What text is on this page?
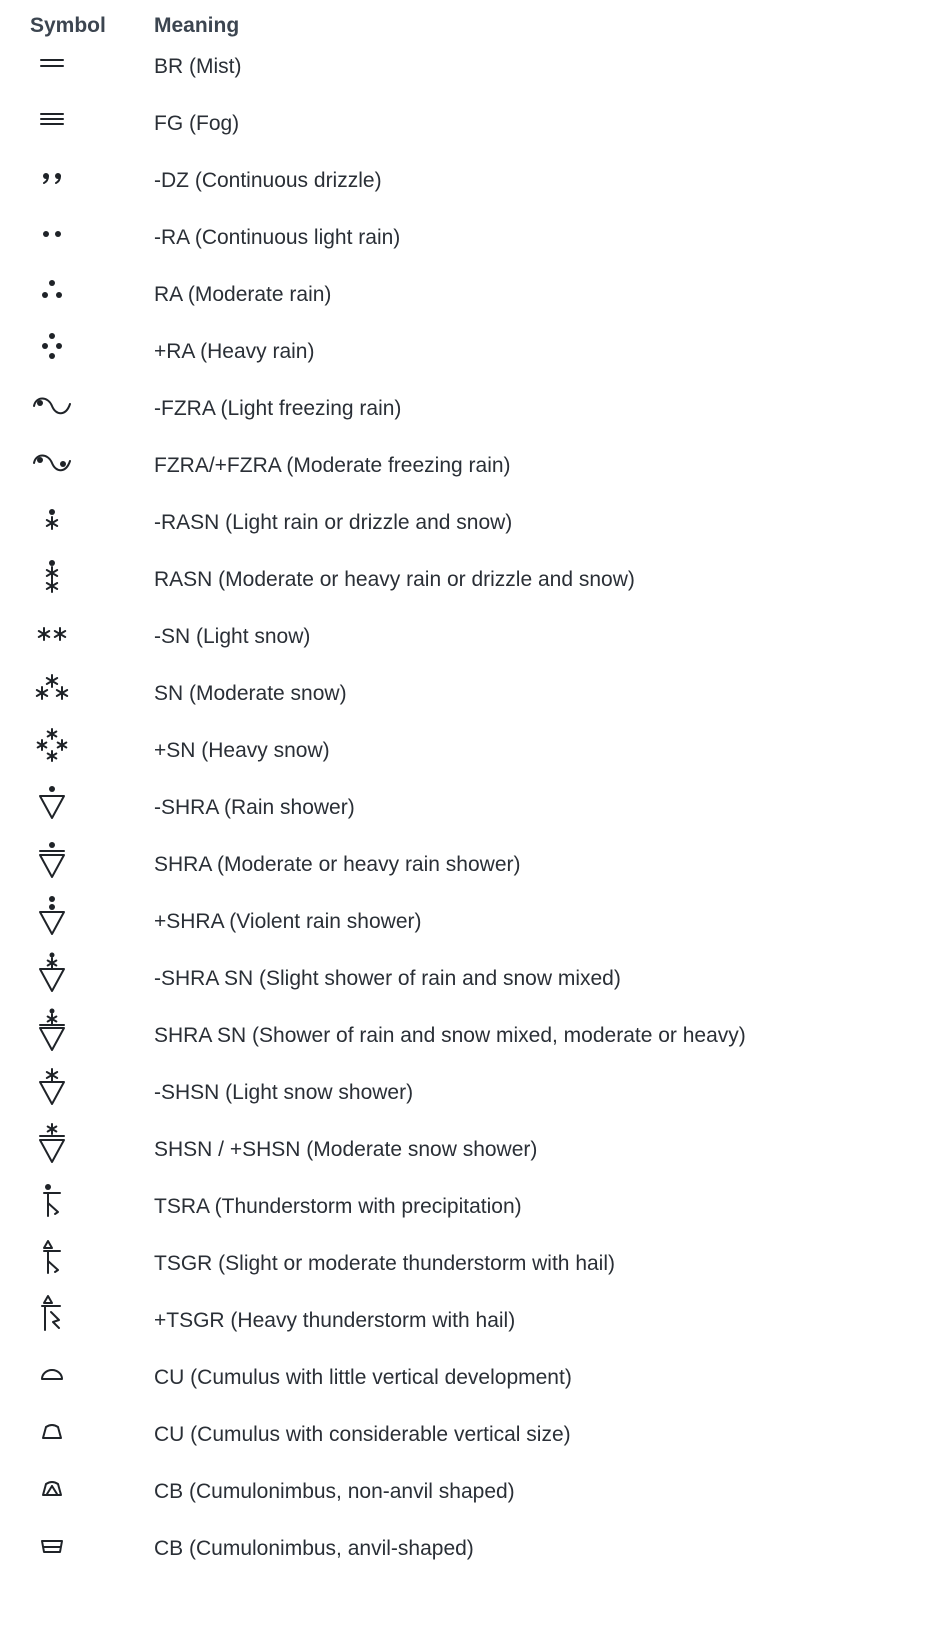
Symbol Meaning
BR (Mist)
FG (Fog)
-DZ (Continuous drizzle)
-RA (Continuous light rain)
RA (Moderate rain)
+RA (Heavy rain)
-FZRA (Light freezing rain)
FZRA/+FZRA (Moderate freezing rain)
-RASN (Light rain or drizzle and snow)
RASN (Moderate or heavy rain or drizzle and snow)
-SN (Light snow)
SN (Moderate snow)
+SN (Heavy snow)
-SHRA (Rain shower)
SHRA (Moderate or heavy rain shower)
+SHRA (Violent rain shower)
-SHRA SN (Slight shower of rain and snow mixed)
SHRA SN (Shower of rain and snow mixed, moderate or heavy)
-SHSN (Light snow shower)
SHSN / +SHSN (Moderate snow shower)
TSRA (Thunderstorm with precipitation)
TSGR (Slight or moderate thunderstorm with hail)
+TSGR (Heavy thunderstorm with hail)
CU (Cumulus with little vertical development)
CU (Cumulus with considerable vertical size)
CB (Cumulonimbus, non-anvil shaped)
CB (Cumulonimbus, anvil-shaped)
